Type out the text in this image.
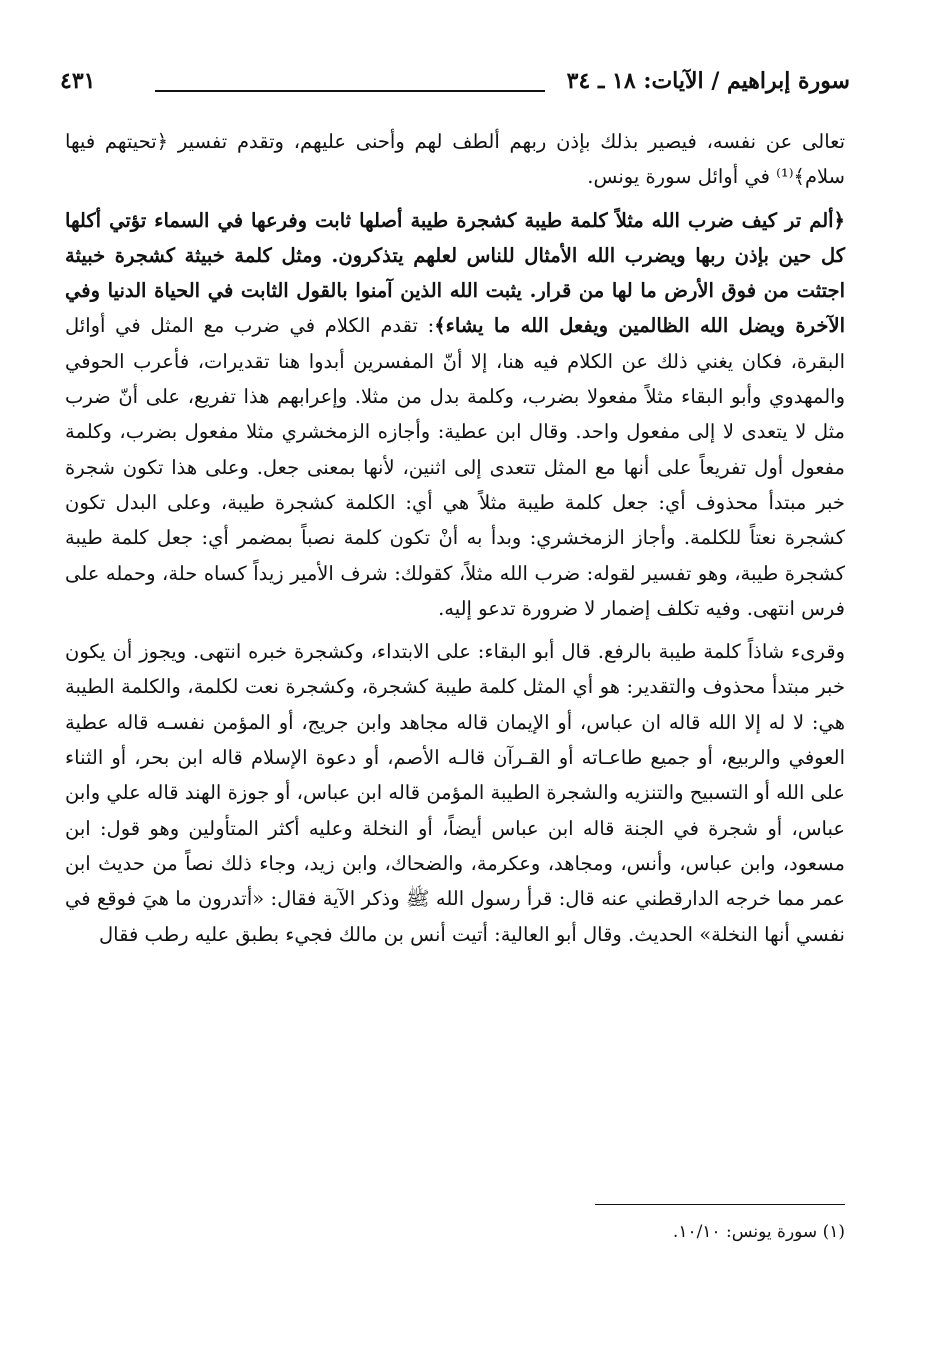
سورة إبراهيم / الآيات: ١٨ ـ ٣٤
٤٣١

تعالى عن نفسه، فيصير بذلك بإذن ربهم ألطف لهم وأحنى عليهم، وتقدم تفسير ﴿تحيتهم فيها سلام﴾⁽¹⁾ في أوائل سورة يونس.

﴿ألم تر كيف ضرب الله مثلاً كلمة طيبة كشجرة طيبة أصلها ثابت وفرعها في السماء تؤتي أكلها كل حين بإذن ربها ويضرب الله الأمثال للناس لعلهم يتذكرون. ومثل كلمة خبيثة كشجرة خبيثة اجتثت من فوق الأرض ما لها من قرار. يثبت الله الذين آمنوا بالقول الثابت في الحياة الدنيا وفي الآخرة ويضل الله الظالمين ويفعل الله ما يشاء﴾: تقدم الكلام في ضرب مع المثل في أوائل البقرة، فكان يغني ذلك عن الكلام فيه هنا، إلا أنّ المفسرين أبدوا هنا تقديرات، فأعرب الحوفي والمهدوي وأبو البقاء مثلاً مفعولا بضرب، وكلمة بدل من مثلا. وإعرابهم هذا تفريع، على أنّ ضرب مثل لا يتعدى لا إلى مفعول واحد. وقال ابن عطية: وأجازه الزمخشري مثلا مفعول بضرب، وكلمة مفعول أول تفريعاً على أنها مع المثل تتعدى إلى اثنين، لأنها بمعنى جعل. وعلى هذا تكون شجرة خبر مبتدأ محذوف أي: جعل كلمة طيبة مثلاً هي أي: الكلمة كشجرة طيبة، وعلى البدل تكون كشجرة نعتاً للكلمة. وأجاز الزمخشري: وبدأ به أنْ تكون كلمة نصباً بمضمر أي: جعل كلمة طيبة كشجرة طيبة، وهو تفسير لقوله: ضرب الله مثلاً، كقولك: شرف الأمير زيداً كساه حلة، وحمله على فرس انتهى. وفيه تكلف إضمار لا ضرورة تدعو إليه.

وقرىء شاذاً كلمة طيبة بالرفع. قال أبو البقاء: على الابتداء، وكشجرة خبره انتهى. ويجوز أن يكون خبر مبتدأ محذوف والتقدير: هو أي المثل كلمة طيبة كشجرة، وكشجرة نعت لكلمة، والكلمة الطيبة هي: لا له إلا الله قاله ان عباس، أو الإيمان قاله مجاهد وابن جريج، أو المؤمن نفسـه قاله عطية العوفي والربيع، أو جميع طاعـاته أو القـرآن قالـه الأصم، أو دعوة الإسلام قاله ابن بحر، أو الثناء على الله أو التسبيح والتنزيه والشجرة الطيبة المؤمن قاله ابن عباس، أو جوزة الهند قاله علي وابن عباس، أو شجرة في الجنة قاله ابن عباس أيضاً، أو النخلة وعليه أكثر المتأولين وهو قول: ابن مسعود، وابن عباس، وأنس، ومجاهد، وعكرمة، والضحاك، وابن زيد، وجاء ذلك نصاً من حديث ابن عمر مما خرجه الدارقطني عنه قال: قرأ رسول الله ﷺ وذكر الآية فقال: «أتدرون ما هيَ فوقع في نفسي أنها النخلة» الحديث. وقال أبو العالية: أتيت أنس بن مالك فجيء بطبق عليه رطب فقال

(١) سورة يونس: ١٠/١٠.
